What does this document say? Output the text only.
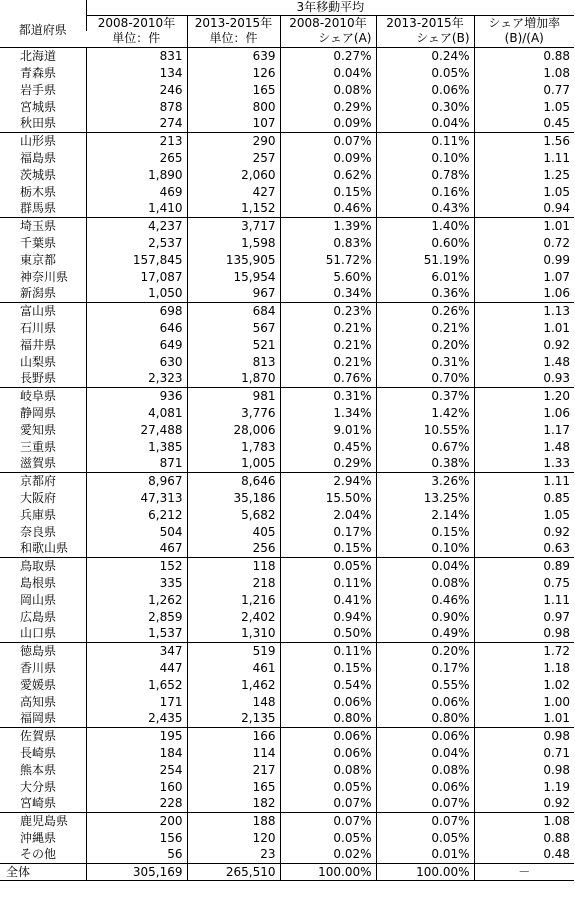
	3年移動平均				
都道府県	2008-2010年	2013-2015年	2008-2010年	2013-2015年	シェア増加率
	単位：件	単位：件	シェア(A)	シェア(B)	(B)/(A)
北海道	831	639	0.27%	0.24%	0.88
青森県	134	126	0.04%	0.05%	1.08
岩手県	246	165	0.08%	0.06%	0.77
宮城県	878	800	0.29%	0.30%	1.05
秋田県	274	107	0.09%	0.04%	0.45
山形県	213	290	0.07%	0.11%	1.56
福島県	265	257	0.09%	0.10%	1.11
茨城県	1,890	2,060	0.62%	0.78%	1.25
栃木県	469	427	0.15%	0.16%	1.05
群馬県	1,410	1,152	0.46%	0.43%	0.94
埼玉県	4,237	3,717	1.39%	1.40%	1.01
千葉県	2,537	1,598	0.83%	0.60%	0.72
東京都	157,845	135,905	51.72%	51.19%	0.99
神奈川県	17,087	15,954	5.60%	6.01%	1.07
新潟県	1,050	967	0.34%	0.36%	1.06
富山県	698	684	0.23%	0.26%	1.13
石川県	646	567	0.21%	0.21%	1.01
福井県	649	521	0.21%	0.20%	0.92
山梨県	630	813	0.21%	0.31%	1.48
長野県	2,323	1,870	0.76%	0.70%	0.93
岐阜県	936	981	0.31%	0.37%	1.20
静岡県	4,081	3,776	1.34%	1.42%	1.06
愛知県	27,488	28,006	9.01%	10.55%	1.17
三重県	1,385	1,783	0.45%	0.67%	1.48
滋賀県	871	1,005	0.29%	0.38%	1.33
京都府	8,967	8,646	2.94%	3.26%	1.11
大阪府	47,313	35,186	15.50%	13.25%	0.85
兵庫県	6,212	5,682	2.04%	2.14%	1.05
奈良県	504	405	0.17%	0.15%	0.92
和歌山県	467	256	0.15%	0.10%	0.63
鳥取県	152	118	0.05%	0.04%	0.89
島根県	335	218	0.11%	0.08%	0.75
岡山県	1,262	1,216	0.41%	0.46%	1.11
広島県	2,859	2,402	0.94%	0.90%	0.97
山口県	1,537	1,310	0.50%	0.49%	0.98
徳島県	347	519	0.11%	0.20%	1.72
香川県	447	461	0.15%	0.17%	1.18
愛媛県	1,652	1,462	0.54%	0.55%	1.02
高知県	171	148	0.06%	0.06%	1.00
福岡県	2,435	2,135	0.80%	0.80%	1.01
佐賀県	195	166	0.06%	0.06%	0.98
長崎県	184	114	0.06%	0.04%	0.71
熊本県	254	217	0.08%	0.08%	0.98
大分県	160	165	0.05%	0.06%	1.19
宮崎県	228	182	0.07%	0.07%	0.92
鹿児島県	200	188	0.07%	0.07%	1.08
沖縄県	156	120	0.05%	0.05%	0.88
その他	56	23	0.02%	0.01%	0.48
全体	305,169	265,510	100.00%	100.00%	－
